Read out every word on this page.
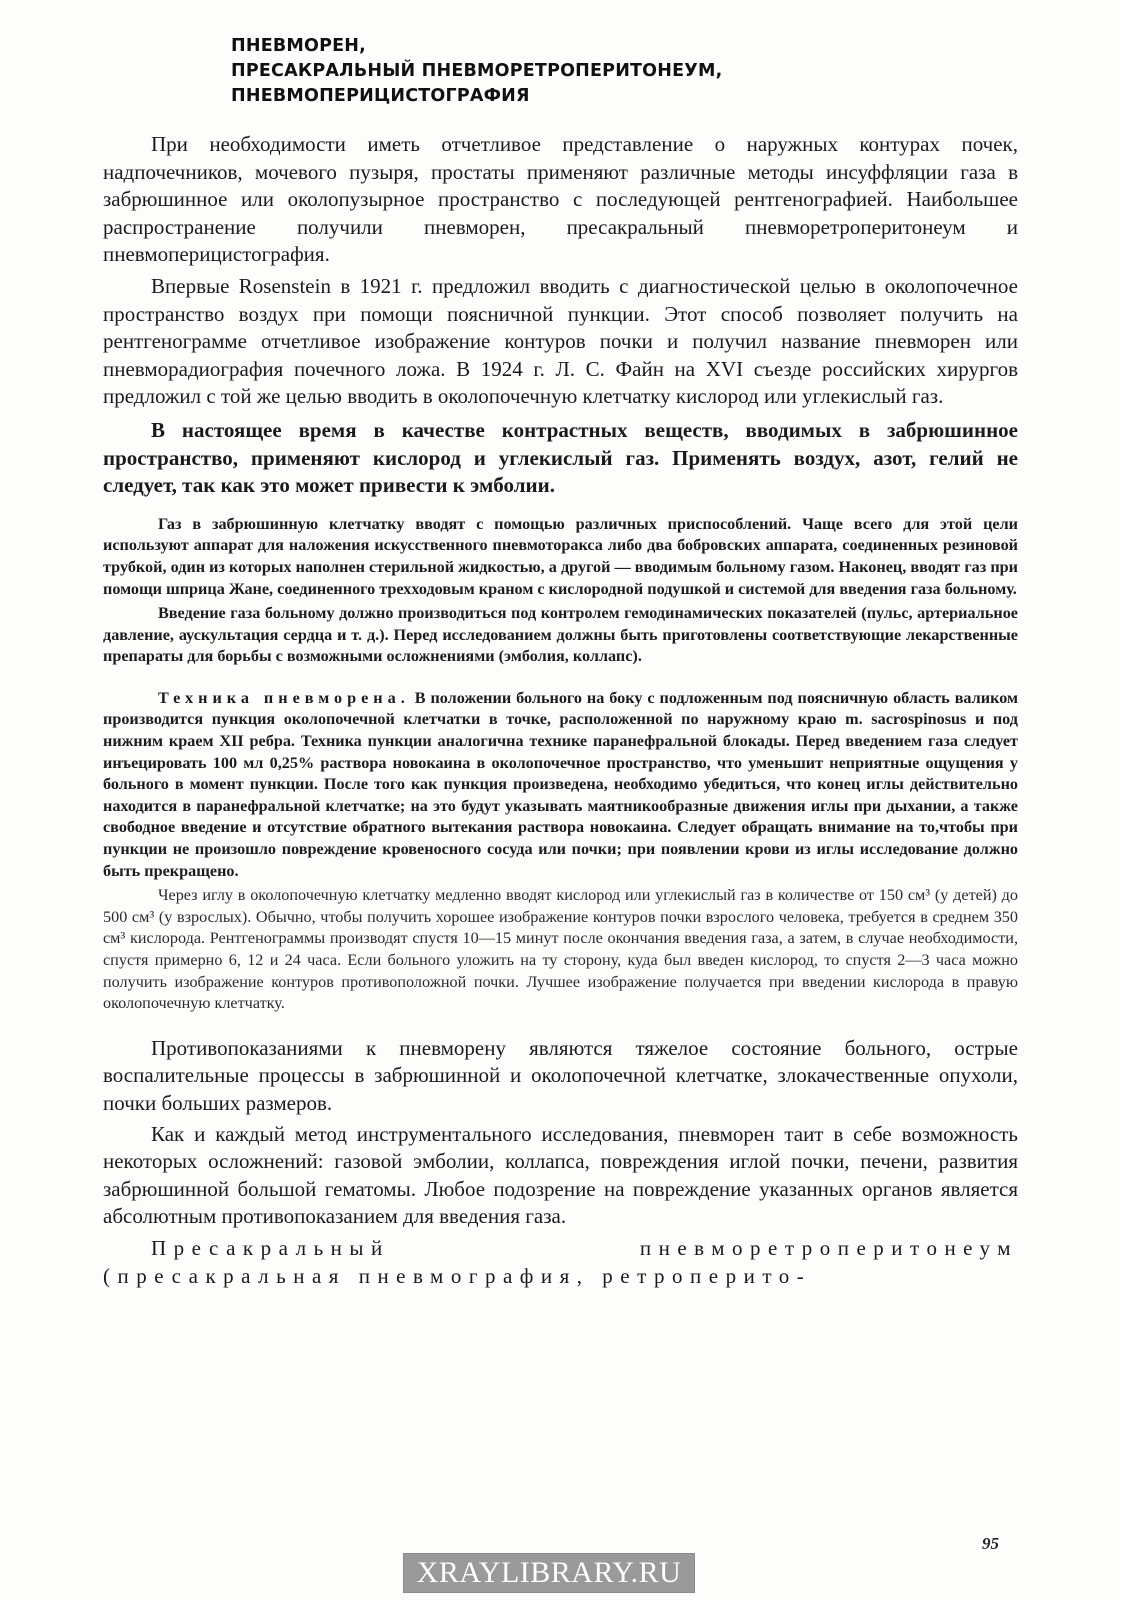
ПНЕВМОРЕН,
ПРЕСАКРАЛЬНЫЙ ПНЕВМОРЕТРОПЕРИТОНЕУМ,
ПНЕВМОПЕРИЦИСТОГРАФИЯ

При необходимости иметь отчетливое представление о наружных контурах почек, надпочечников, мочевого пузыря, простаты применяют различные методы инсуффляции газа в забрюшинное или околопузырное пространство с последующей рентгенографией. Наибольшее распространение получили пневморен, пресакральный пневморетроперитонеум и пневмоперицистография.

Впервые Rosenstein в 1921 г. предложил вводить с диагностической целью в околопочечное пространство воздух при помощи поясничной пункции. Этот способ позволяет получить на рентгенограмме отчетливое изображение контуров почки и получил название пневморен или пневморадиография почечного ложа. В 1924 г. Л. С. Файн на XVI съезде российских хирургов предложил с той же целью вводить в околопочечную клетчатку кислород или углекислый газ.

В настоящее время в качестве контрастных веществ, вводимых в забрюшинное пространство, применяют кислород и углекислый газ. Применять воздух, азот, гелий не следует, так как это может привести к эмболии.

Газ в забрюшинную клетчатку вводят с помощью различных приспособлений. Чаще всего для этой цели используют аппарат для наложения искусственного пневмоторакса либо два бобровских аппарата, соединенных резиновой трубкой, один из которых наполнен стерильной жидкостью, а другой — вводимым больному газом. Наконец, вводят газ при помощи шприца Жане, соединенного трехходовым краном с кислородной подушкой и системой для введения газа больному.

Введение газа больному должно производиться под контролем гемодинамических показателей (пульс, артериальное давление, аускультация сердца и т. д.). Перед исследованием должны быть приготовлены соответствующие лекарственные препараты для борьбы с возможными осложнениями (эмболия, коллапс).

Техника пневморена. В положении больного на боку с подложенным под поясничную область валиком производится пункция околопочечной клетчатки в точке, расположенной по наружному краю m. sacrospinosus и под нижним краем XII ребра. Техника пункции аналогична технике паранефральной блокады. Перед введением газа следует инъецировать 100 мл 0,25% раствора новокаина в околопочечное пространство, что уменьшит неприятные ощущения у больного в момент пункции. После того как пункция произведена, необходимо убедиться, что конец иглы действительно находится в паранефральной клетчатке; на это будут указывать маятникообразные движения иглы при дыхании, а также свободное введение и отсутствие обратного вытекания раствора новокаина. Следует обращать внимание на то,чтобы при пункции не произошло повреждение кровеносного сосуда или почки; при появлении крови из иглы исследование должно быть прекращено.

Через иглу в околопочечную клетчатку медленно вводят кислород или углекислый газ в количестве от 150 см³ (у детей) до 500 см³ (у взрослых). Обычно, чтобы получить хорошее изображение контуров почки взрослого человека, требуется в среднем 350 см³ кислорода. Рентгенограммы производят спустя 10—15 минут после окончания введения газа, а затем, в случае необходимости, спустя примерно 6, 12 и 24 часа. Если больного уложить на ту сторону, куда был введен кислород, то спустя 2—3 часа можно получить изображение контуров противоположной почки. Лучшее изображение получается при введении кислорода в правую околопочечную клетчатку.

Противопоказаниями к пневморену являются тяжелое состояние больного, острые воспалительные процессы в забрюшинной и околопочечной клетчатке, злокачественные опухоли, почки больших размеров.

Как и каждый метод инструментального исследования, пневморен таит в себе возможность некоторых осложнений: газовой эмболии, коллапса, повреждения иглой почки, печени, развития забрюшинной большой гематомы. Любое подозрение на повреждение указанных органов является абсолютным противопоказанием для введения газа.

Пресакральный пневморетроперитонеум (пресакральная пневмография, ретроперито-

95
XRAYLIBRARY.RU
